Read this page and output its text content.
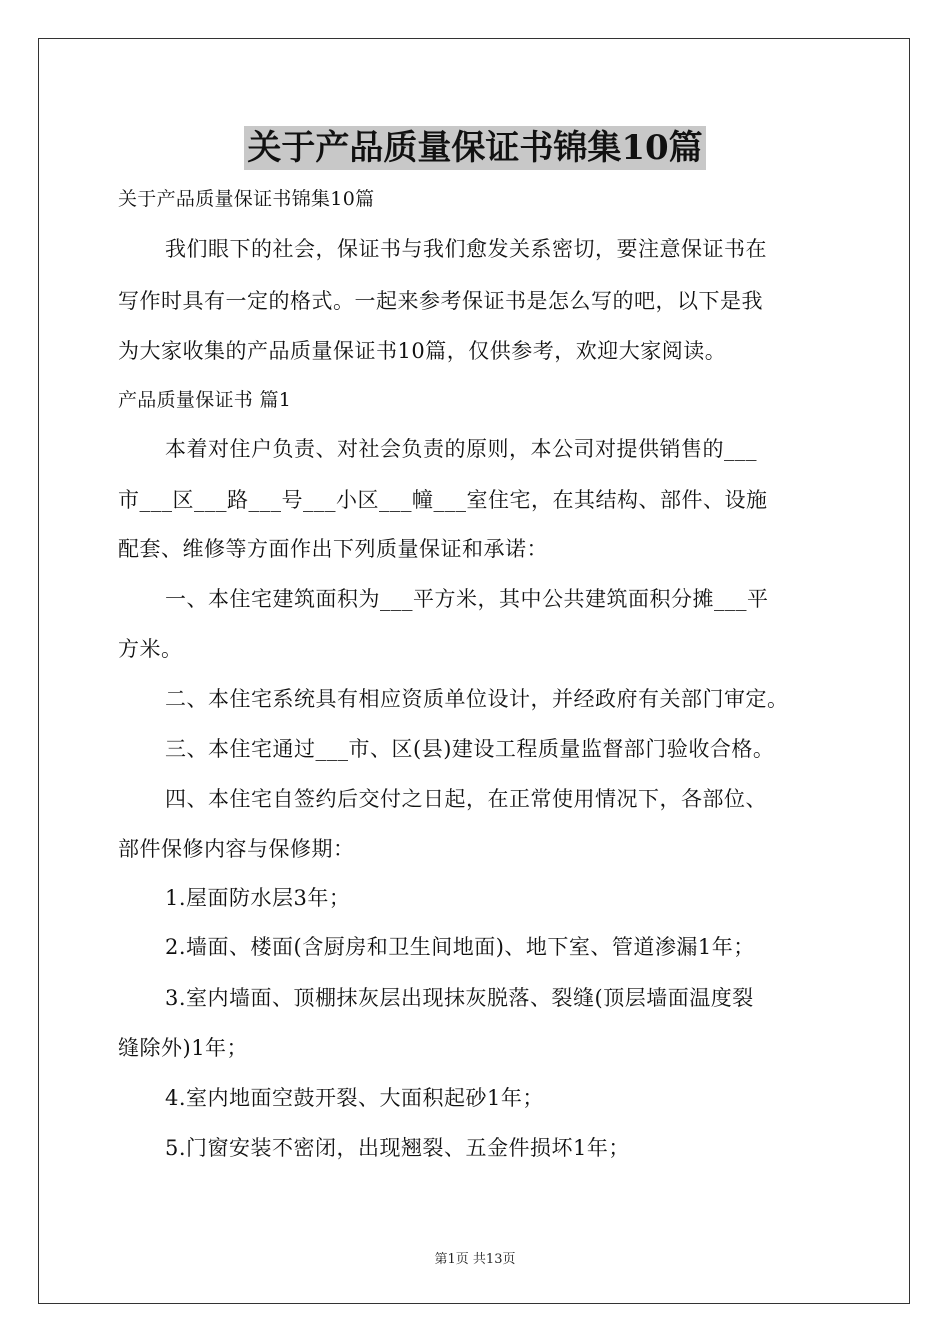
关于产品质量保证书锦集10篇
关于产品质量保证书锦集10篇
我们眼下的社会，保证书与我们愈发关系密切，要注意保证书在
写作时具有一定的格式。一起来参考保证书是怎么写的吧，以下是我
为大家收集的产品质量保证书10篇，仅供参考，欢迎大家阅读。
产品质量保证书 篇1
本着对住户负责、对社会负责的原则，本公司对提供销售的___
市___区___路___号___小区___幢___室住宅，在其结构、部件、设施
配套、维修等方面作出下列质量保证和承诺：
一、本住宅建筑面积为___平方米，其中公共建筑面积分摊___平
方米。
二、本住宅系统具有相应资质单位设计，并经政府有关部门审定。
三、本住宅通过___市、区(县)建设工程质量监督部门验收合格。
四、本住宅自签约后交付之日起，在正常使用情况下，各部位、
部件保修内容与保修期：
1.屋面防水层3年；
2.墙面、楼面(含厨房和卫生间地面)、地下室、管道渗漏1年；
3.室内墙面、顶棚抹灰层出现抹灰脱落、裂缝(顶层墙面温度裂
缝除外)1年；
4.室内地面空鼓开裂、大面积起砂1年；
5.门窗安装不密闭，出现翘裂、五金件损坏1年；
第1页 共13页
